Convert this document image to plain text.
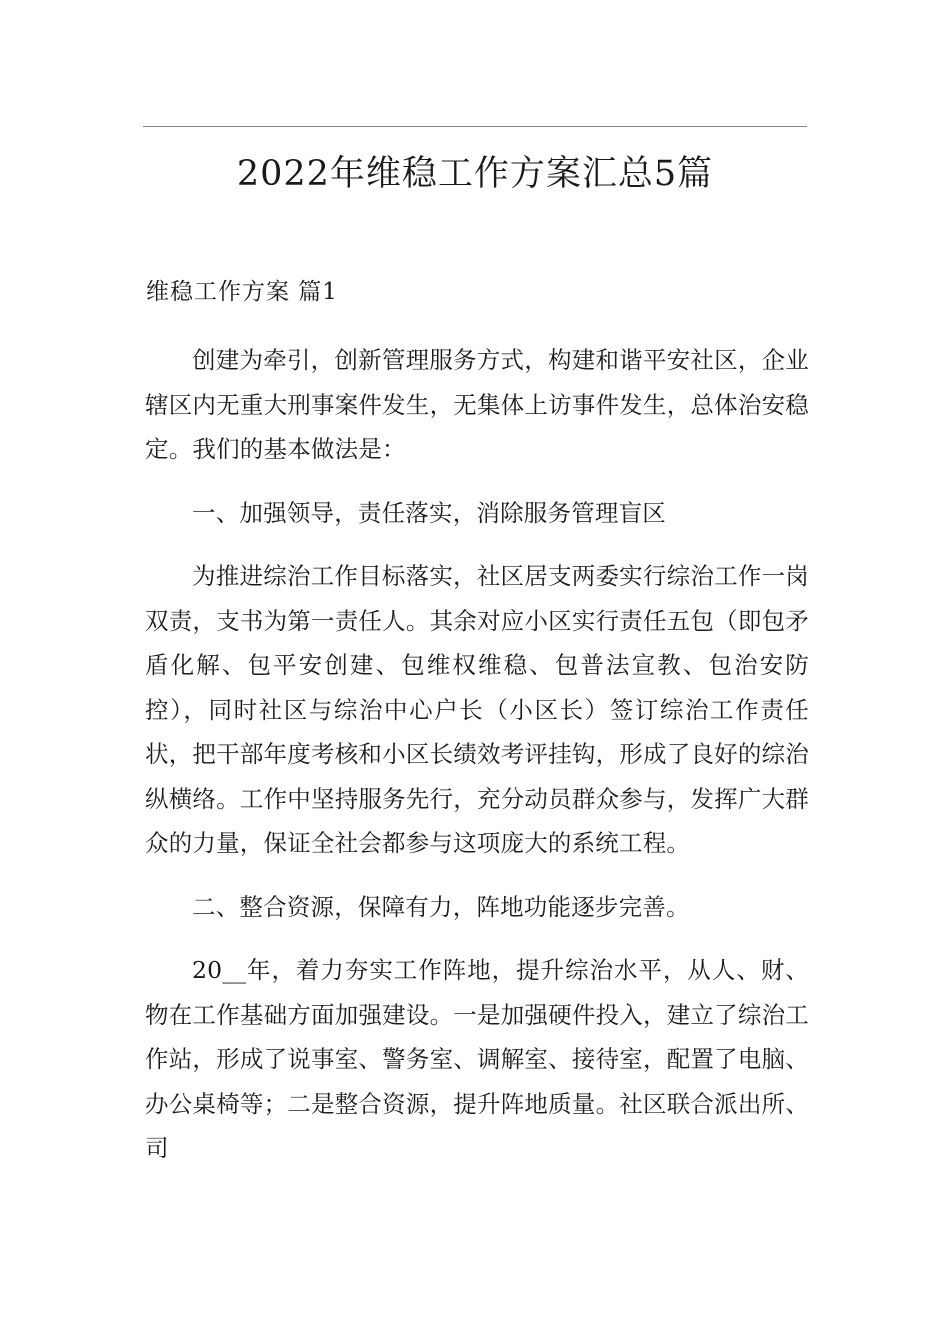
2022年维稳工作方案汇总5篇
维稳工作方案 篇1

创建为牵引，创新管理服务方式，构建和谐平安社区，企业辖区内无重大刑事案件发生，无集体上访事件发生，总体治安稳定。我们的基本做法是：

一、加强领导，责任落实，消除服务管理盲区

为推进综治工作目标落实，社区居支两委实行综治工作一岗双责，支书为第一责任人。其余对应小区实行责任五包（即包矛盾化解、包平安创建、包维权维稳、包普法宣教、包治安防控），同时社区与综治中心户长（小区长）签订综治工作责任状，把干部年度考核和小区长绩效考评挂钩，形成了良好的综治纵横络。工作中坚持服务先行，充分动员群众参与，发挥广大群众的力量，保证全社会都参与这项庞大的系统工程。

二、整合资源，保障有力，阵地功能逐步完善。

20__年，着力夯实工作阵地，提升综治水平，从人、财、物在工作基础方面加强建设。一是加强硬件投入，建立了综治工作站，形成了说事室、警务室、调解室、接待室，配置了电脑、办公桌椅等；二是整合资源，提升阵地质量。社区联合派出所、司
